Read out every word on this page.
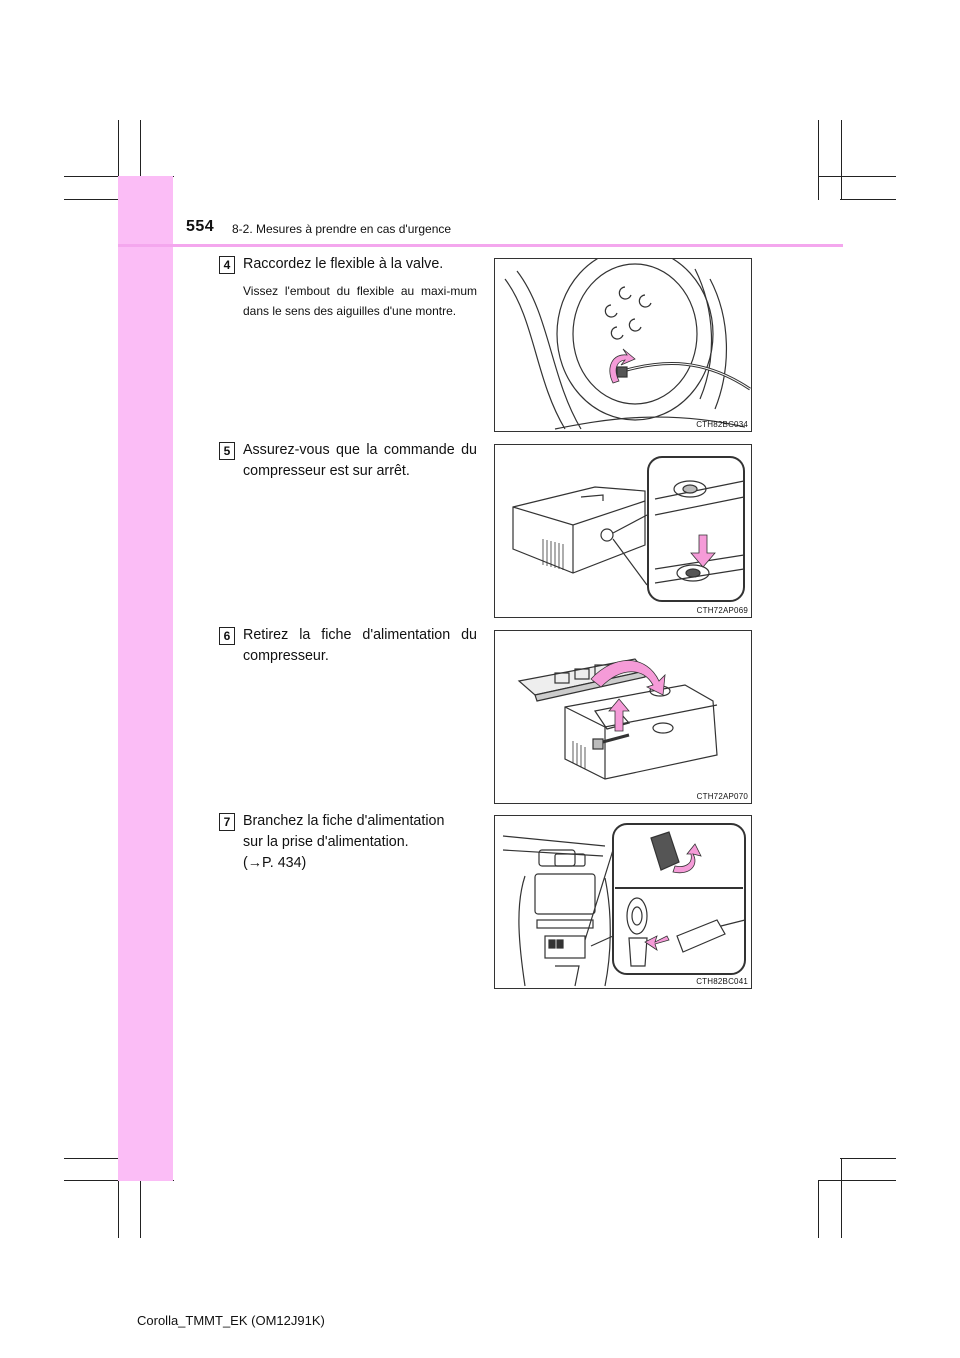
554 8-2. Mesures à prendre en cas d'urgence
4 Raccordez le flexible à la valve.
Vissez l'embout du flexible au maxi-mum dans le sens des aiguilles d'une montre.
CTH82BC034
5 Assurez-vous que la commande du compresseur est sur arrêt.
CTH72AP069
6 Retirez la fiche d'alimentation du compresseur.
CTH72AP070
7 Branchez la fiche d'alimentation
sur la prise d'alimentation.
(→P. 434)
CTH82BC041
Corolla_TMMT_EK (OM12J91K)
